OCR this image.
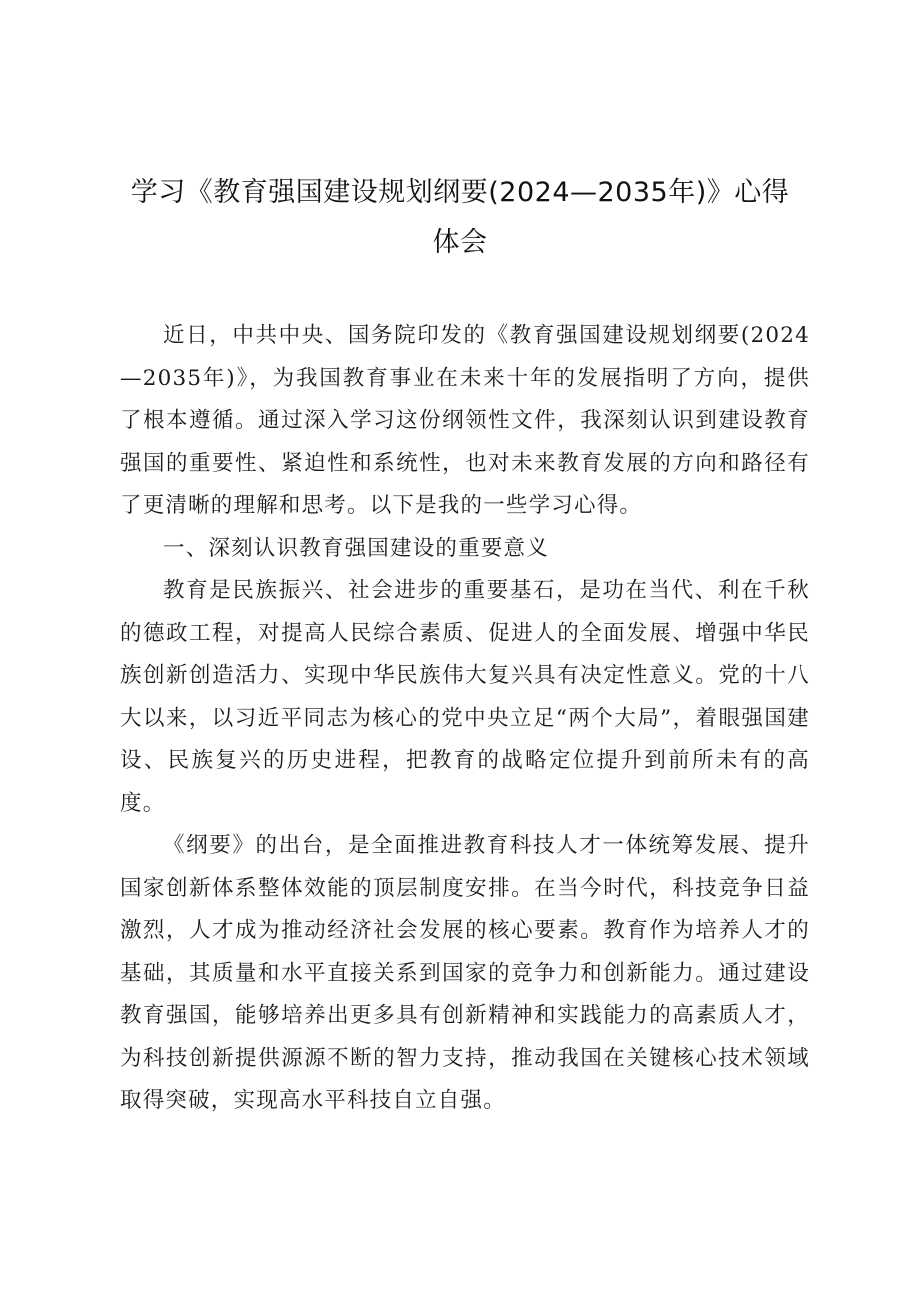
学习《教育强国建设规划纲要(2024—2035年)》心得
体会

近日，中共中央、国务院印发的《教育强国建设规划纲要(2024—2035年)》，为我国教育事业在未来十年的发展指明了方向，提供了根本遵循。通过深入学习这份纲领性文件，我深刻认识到建设教育强国的重要性、紧迫性和系统性，也对未来教育发展的方向和路径有了更清晰的理解和思考。以下是我的一些学习心得。

一、深刻认识教育强国建设的重要意义

教育是民族振兴、社会进步的重要基石，是功在当代、利在千秋的德政工程，对提高人民综合素质、促进人的全面发展、增强中华民族创新创造活力、实现中华民族伟大复兴具有决定性意义。党的十八大以来，以习近平同志为核心的党中央立足“两个大局”，着眼强国建设、民族复兴的历史进程，把教育的战略定位提升到前所未有的高度。

《纲要》的出台，是全面推进教育科技人才一体统筹发展、提升国家创新体系整体效能的顶层制度安排。在当今时代，科技竞争日益激烈，人才成为推动经济社会发展的核心要素。教育作为培养人才的基础，其质量和水平直接关系到国家的竞争力和创新能力。通过建设教育强国，能够培养出更多具有创新精神和实践能力的高素质人才，为科技创新提供源源不断的智力支持，推动我国在关键核心技术领域取得突破，实现高水平科技自立自强。
